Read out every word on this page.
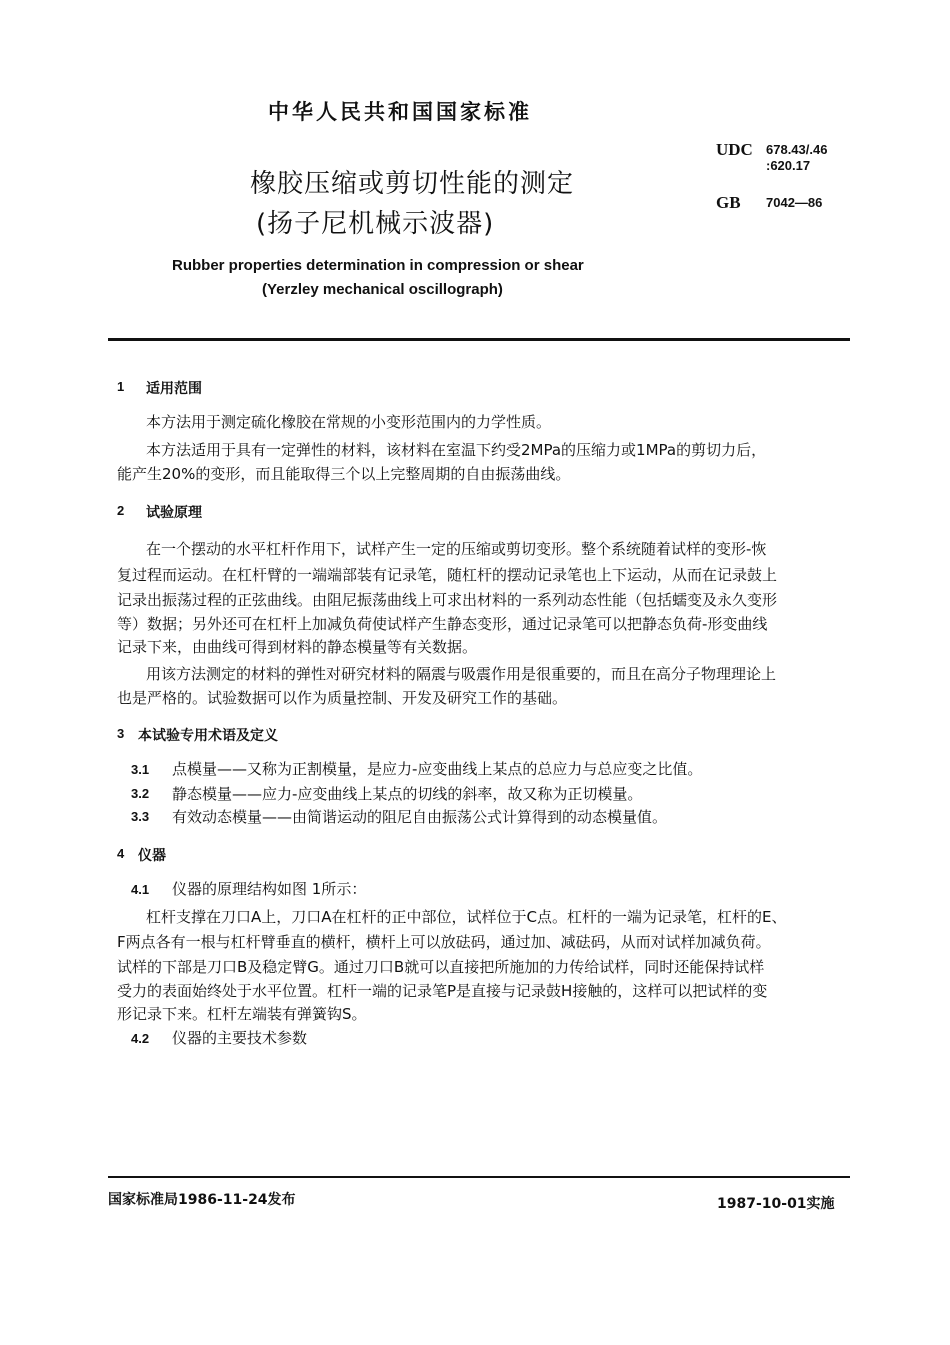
中华人民共和国国家标准
UDC 678.43/.46
:620.17
GB 7042—86
橡胶压缩或剪切性能的测定
(扬子尼机械示波器)
Rubber properties determination in compression or shear
(Yerzley mechanical oscillograph)
1 适用范围
本方法用于测定硫化橡胶在常规的小变形范围内的力学性质。
本方法适用于具有一定弹性的材料，该材料在室温下约受2MPa的压缩力或1MPa的剪切力后，
能产生20%的变形，而且能取得三个以上完整周期的自由振荡曲线。
2 试验原理
在一个摆动的水平杠杆作用下，试样产生一定的压缩或剪切变形。整个系统随着试样的变形-恢
复过程而运动。在杠杆臂的一端端部装有记录笔，随杠杆的摆动记录笔也上下运动，从而在记录鼓上
记录出振荡过程的正弦曲线。由阻尼振荡曲线上可求出材料的一系列动态性能（包括蠕变及永久变形
等）数据；另外还可在杠杆上加减负荷使试样产生静态变形，通过记录笔可以把静态负荷-形变曲线
记录下来，由曲线可得到材料的静态模量等有关数据。
用该方法测定的材料的弹性对研究材料的隔震与吸震作用是很重要的，而且在高分子物理理论上
也是严格的。试验数据可以作为质量控制、开发及研究工作的基础。
3 本试验专用术语及定义
3.1 点模量——又称为正割模量，是应力-应变曲线上某点的总应力与总应变之比值。
3.2 静态模量——应力-应变曲线上某点的切线的斜率，故又称为正切模量。
3.3 有效动态模量——由简谐运动的阻尼自由振荡公式计算得到的动态模量值。
4 仪器
4.1 仪器的原理结构如图 1所示：
杠杆支撑在刀口A上，刀口A在杠杆的正中部位，试样位于C点。杠杆的一端为记录笔，杠杆的E、
F两点各有一根与杠杆臂垂直的横杆，横杆上可以放砝码，通过加、减砝码，从而对试样加减负荷。
试样的下部是刀口B及稳定臂G。通过刀口B就可以直接把所施加的力传给试样，同时还能保持试样
受力的表面始终处于水平位置。杠杆一端的记录笔P是直接与记录鼓H接触的，这样可以把试样的变
形记录下来。杠杆左端装有弹簧钩S。
4.2 仪器的主要技术参数
国家标准局1986-11-24发布	1987-10-01实施
